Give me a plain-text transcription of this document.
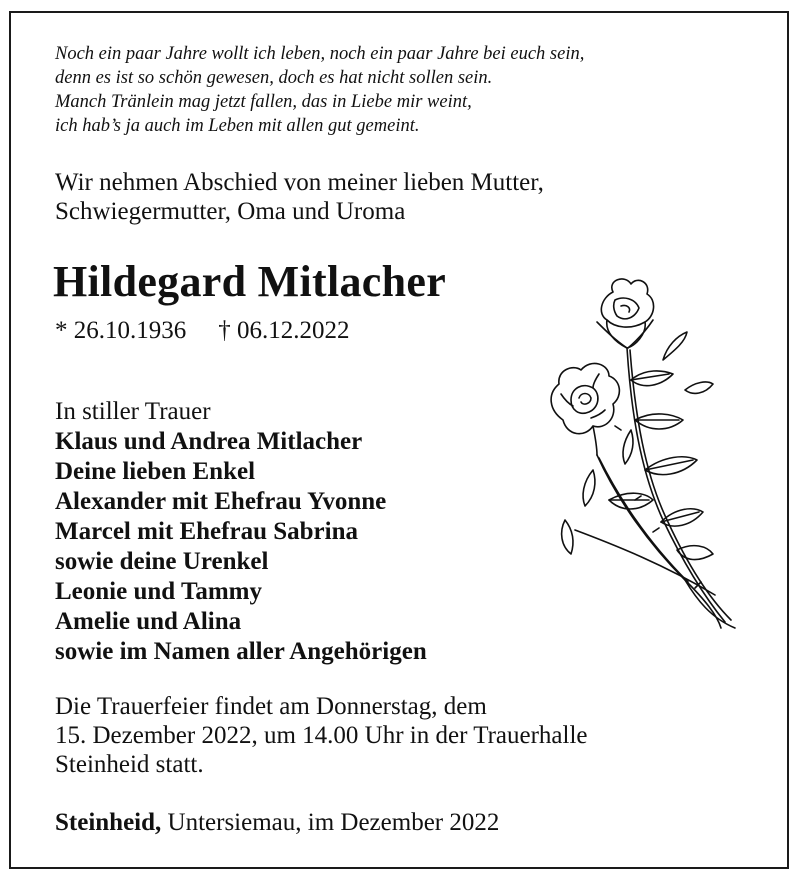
Noch ein paar Jahre wollt ich leben, noch ein paar Jahre bei euch sein,
denn es ist so schön gewesen, doch es hat nicht sollen sein.
Manch Tränlein mag jetzt fallen, das in Liebe mir weint,
ich hab’s ja auch im Leben mit allen gut gemeint.
Wir nehmen Abschied von meiner lieben Mutter,
Schwiegermutter, Oma und Uroma
Hildegard Mitlacher
* 26.10.1936 † 06.12.2022
In stiller Trauer
Klaus und Andrea Mitlacher
Deine lieben Enkel
Alexander mit Ehefrau Yvonne
Marcel mit Ehefrau Sabrina
sowie deine Urenkel
Leonie und Tammy
Amelie und Alina
sowie im Namen aller Angehörigen
Die Trauerfeier findet am Donnerstag, dem
15. Dezember 2022, um 14.00 Uhr in der Trauerhalle
Steinheid statt.
Steinheid, Untersiemau, im Dezember 2022
